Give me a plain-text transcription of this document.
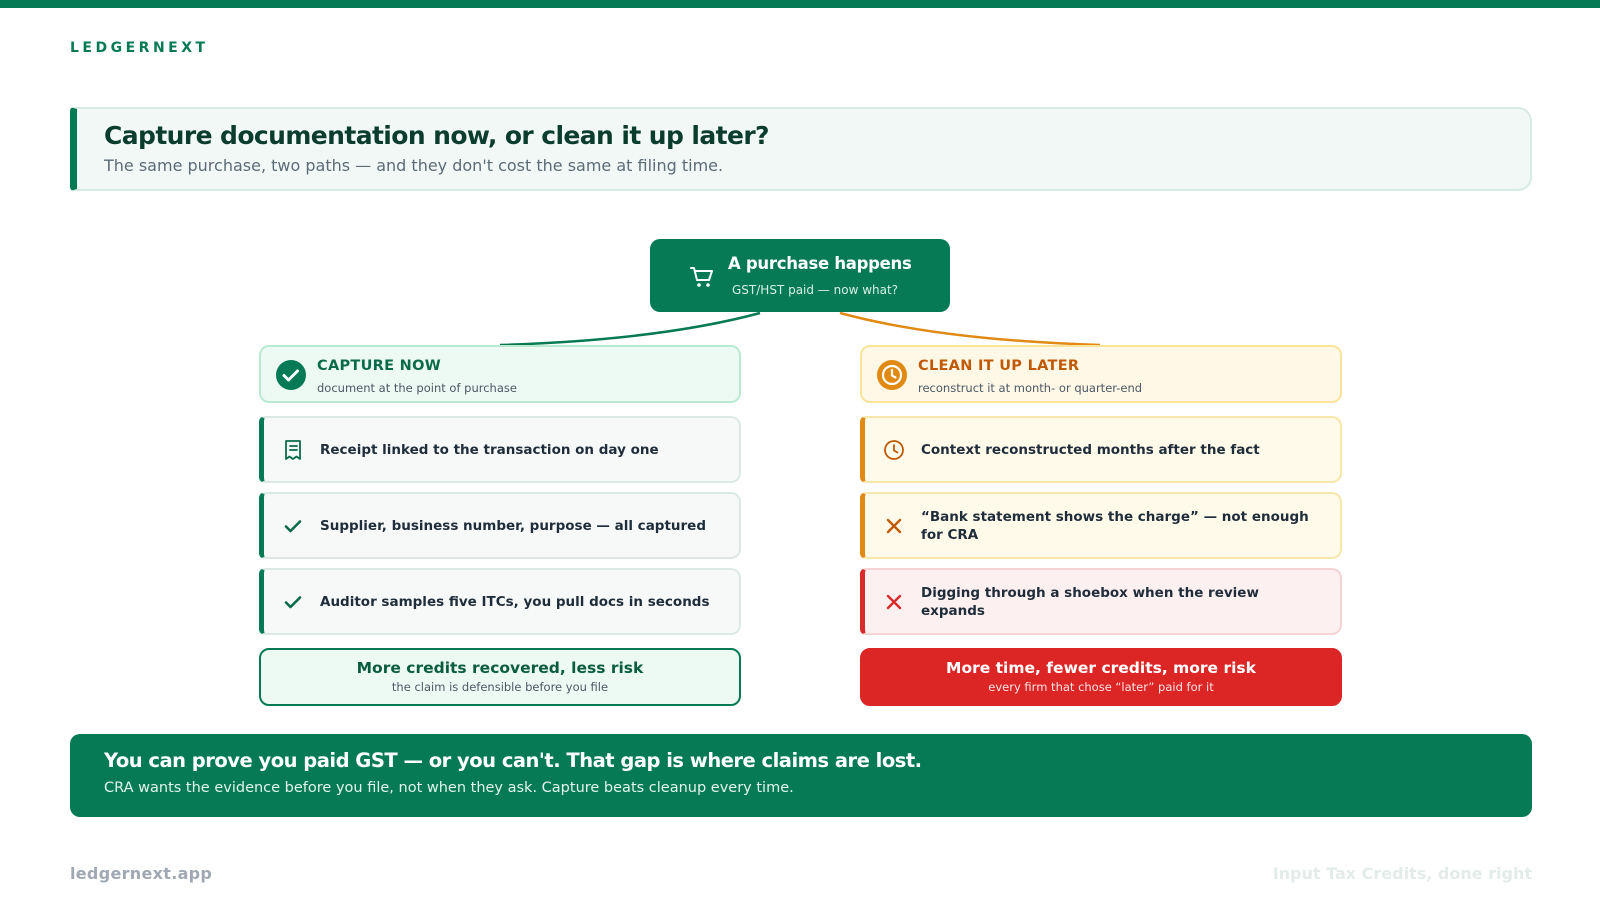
LEDGERNEXT
Capture documentation now, or clean it up later?
The same purchase, two paths — and they don't cost the same at filing time.
A purchase happens
GST/HST paid — now what?
CAPTURE NOW
document at the point of purchase
Receipt linked to the transaction on day one
Supplier, business number, purpose — all captured
Auditor samples five ITCs, you pull docs in seconds
More credits recovered, less risk
the claim is defensible before you file
CLEAN IT UP LATER
reconstruct it at month- or quarter-end
Context reconstructed months after the fact
“Bank statement shows the charge” — not enough for CRA
Digging through a shoebox when the review expands
More time, fewer credits, more risk
every firm that chose “later” paid for it
You can prove you paid GST — or you can't. That gap is where claims are lost.
CRA wants the evidence before you file, not when they ask. Capture beats cleanup every time.
ledgernext.app	Input Tax Credits, done right
